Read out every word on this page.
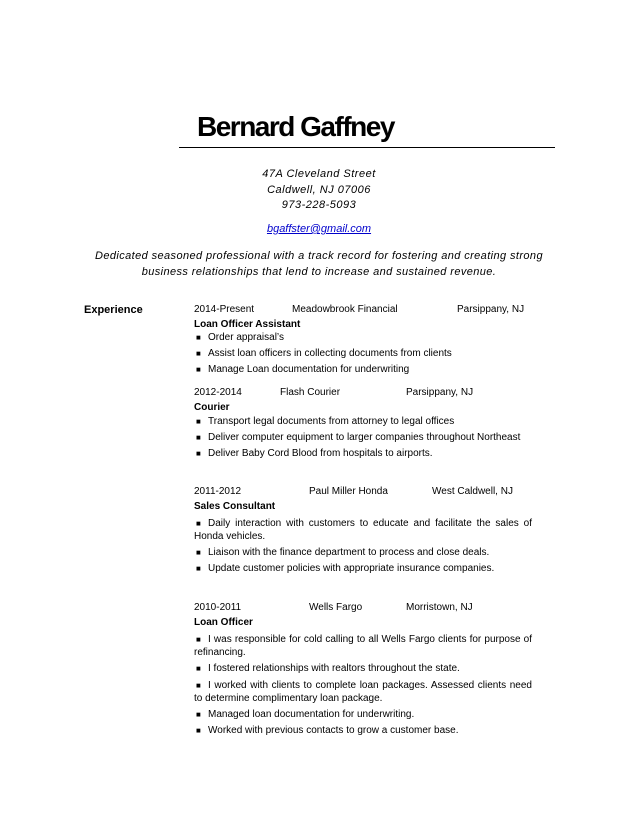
Bernard Gaffney
47A Cleveland Street
Caldwell, NJ 07006
973-228-5093
bgaffster@gmail.com
Dedicated seasoned professional with a track record for fostering and creating strong
business relationships that lend to increase and sustained revenue.
Experience	2014-Present	Meadowbrook Financial	Parsippany, NJ
Loan Officer Assistant
■ Order appraisal’s
■ Assist loan officers in collecting documents from clients
■ Manage Loan documentation for underwriting
2012-2014	Flash Courier	Parsippany, NJ
Courier
■ Transport legal documents from attorney to legal offices
■ Deliver computer equipment to larger companies throughout Northeast
■ Deliver Baby Cord Blood from hospitals to airports.
2011-2012	Paul Miller Honda	West Caldwell, NJ
Sales Consultant
■ Daily interaction with customers to educate and facilitate the sales of Honda vehicles.
■ Liaison with the finance department to process and close deals.
■ Update customer policies with appropriate insurance companies.
2010-2011	Wells Fargo	Morristown, NJ
Loan Officer
■ I was responsible for cold calling to all Wells Fargo clients for purpose of refinancing.
■ I fostered relationships with realtors throughout the state.
■ I worked with clients to complete loan packages. Assessed clients need to determine complimentary loan package.
■ Managed loan documentation for underwriting.
■ Worked with previous contacts to grow a customer base.
